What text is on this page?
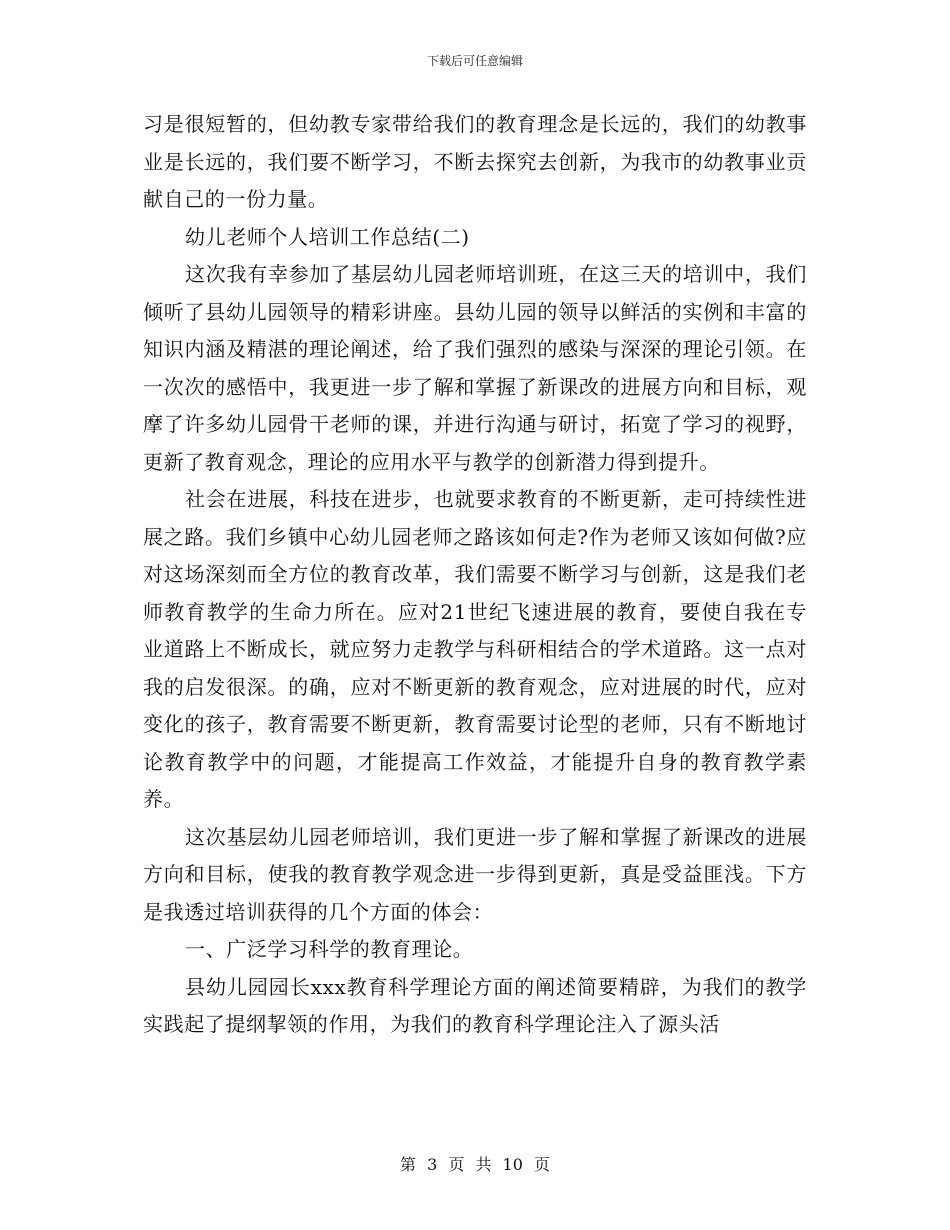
下载后可任意编辑

习是很短暂的，但幼教专家带给我们的教育理念是长远的，我们的幼教事业是长远的，我们要不断学习，不断去探究去创新，为我市的幼教事业贡献自己的一份力量。

幼儿老师个人培训工作总结(二)

这次我有幸参加了基层幼儿园老师培训班，在这三天的培训中，我们倾听了县幼儿园领导的精彩讲座。县幼儿园的领导以鲜活的实例和丰富的知识内涵及精湛的理论阐述，给了我们强烈的感染与深深的理论引领。在一次次的感悟中，我更进一步了解和掌握了新课改的进展方向和目标，观摩了许多幼儿园骨干老师的课，并进行沟通与研讨，拓宽了学习的视野，更新了教育观念，理论的应用水平与教学的创新潜力得到提升。

社会在进展，科技在进步，也就要求教育的不断更新，走可持续性进展之路。我们乡镇中心幼儿园老师之路该如何走?作为老师又该如何做?应对这场深刻而全方位的教育改革，我们需要不断学习与创新，这是我们老师教育教学的生命力所在。应对21世纪飞速进展的教育，要使自我在专业道路上不断成长，就应努力走教学与科研相结合的学术道路。这一点对我的启发很深。的确，应对不断更新的教育观念，应对进展的时代，应对变化的孩子，教育需要不断更新，教育需要讨论型的老师，只有不断地讨论教育教学中的问题，才能提高工作效益，才能提升自身的教育教学素养。

这次基层幼儿园老师培训，我们更进一步了解和掌握了新课改的进展方向和目标，使我的教育教学观念进一步得到更新，真是受益匪浅。下方是我透过培训获得的几个方面的体会：

一、广泛学习科学的教育理论。

县幼儿园园长xxx教育科学理论方面的阐述简要精辟，为我们的教学实践起了提纲挈领的作用，为我们的教育科学理论注入了源头活

第 3 页 共 10 页
